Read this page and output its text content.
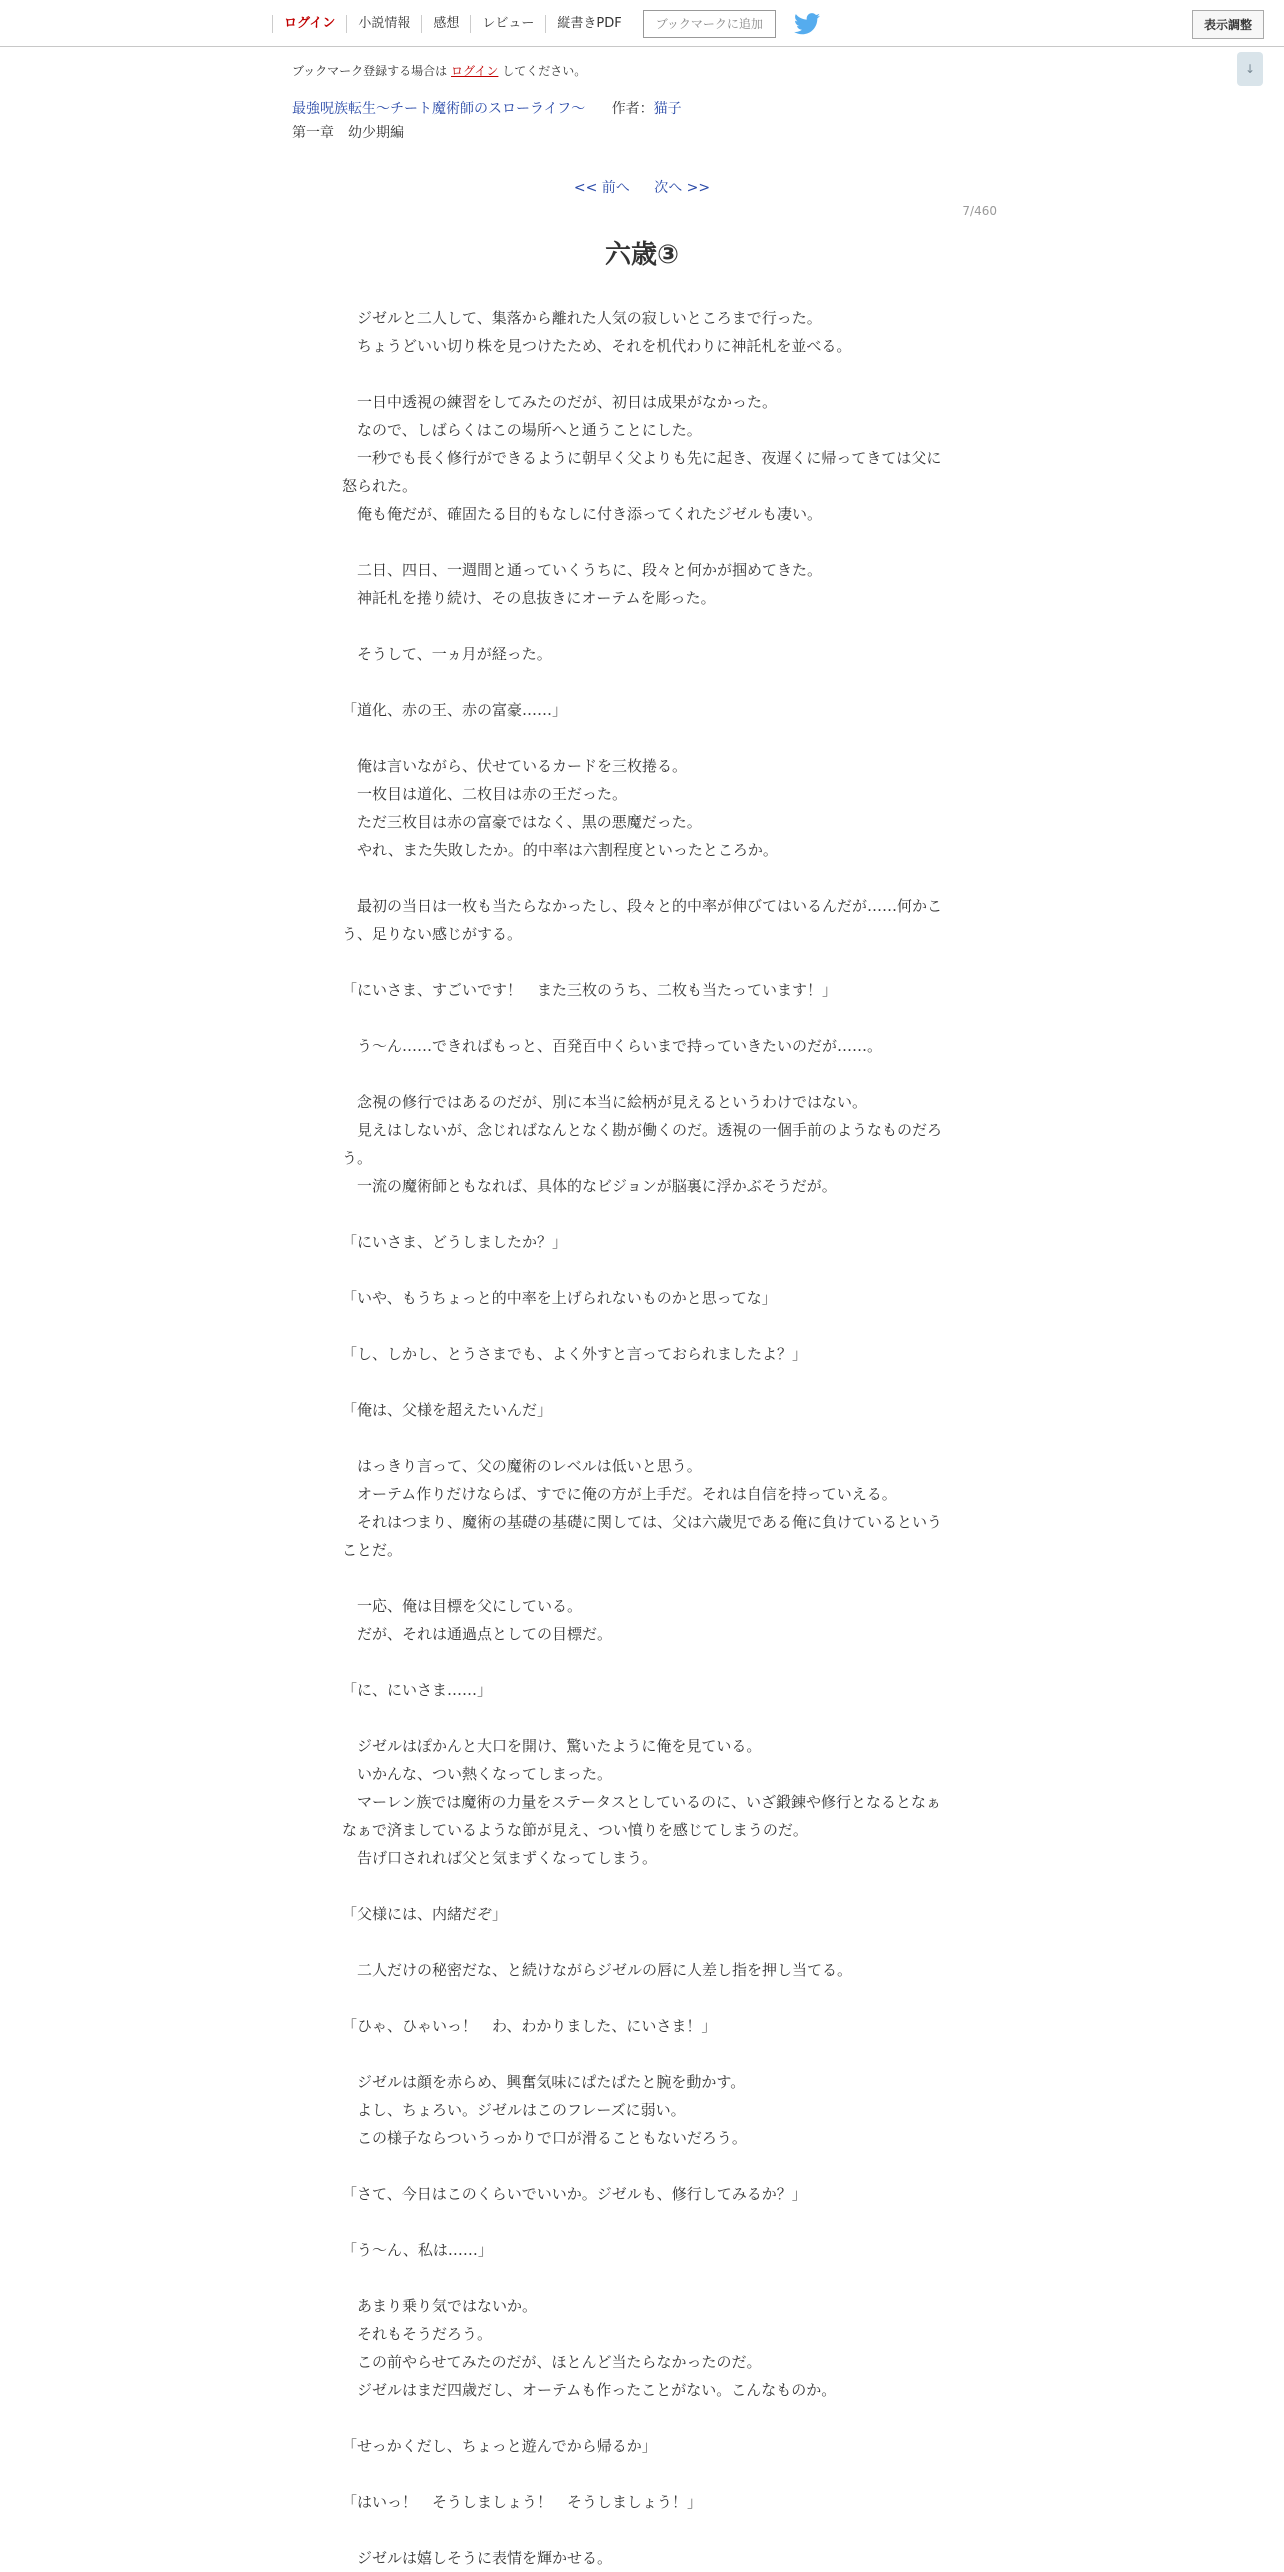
ログイン	小説情報	感想	レビュー	縦書きPDF	ブックマークに追加	表示調整
↓
ブックマーク登録する場合は ログイン してください。
最強呪族転生～チート魔術師のスローライフ～ 作者：猫子
第一章　幼少期編
<< 前へ 次へ >>
7/460
六歳③
　ジゼルと二人して、集落から離れた人気の寂しいところまで行った。
　ちょうどいい切り株を見つけたため、それを机代わりに神託札を並べる。
　一日中透視の練習をしてみたのだが、初日は成果がなかった。
　なので、しばらくはこの場所へと通うことにした。
　一秒でも長く修行ができるように朝早く父よりも先に起き、夜遅くに帰ってきては父に怒られた。
　俺も俺だが、確固たる目的もなしに付き添ってくれたジゼルも凄い。
　二日、四日、一週間と通っていくうちに、段々と何かが掴めてきた。
　神託札を捲り続け、その息抜きにオーテムを彫った。
　そうして、一ヵ月が経った。
「道化、赤の王、赤の富豪……」
　俺は言いながら、伏せているカードを三枚捲る。
　一枚目は道化、二枚目は赤の王だった。
　ただ三枚目は赤の富豪ではなく、黒の悪魔だった。
　やれ、また失敗したか。的中率は六割程度といったところか。
　最初の当日は一枚も当たらなかったし、段々と的中率が伸びてはいるんだが……何かこう、足りない感じがする。
「にいさま、すごいです！　また三枚のうち、二枚も当たっています！」
　う～ん……できればもっと、百発百中くらいまで持っていきたいのだが……。
　念視の修行ではあるのだが、別に本当に絵柄が見えるというわけではない。
　見えはしないが、念じればなんとなく勘が働くのだ。透視の一個手前のようなものだろう。
　一流の魔術師ともなれば、具体的なビジョンが脳裏に浮かぶそうだが。
「にいさま、どうしましたか？」
「いや、もうちょっと的中率を上げられないものかと思ってな」
「し、しかし、とうさまでも、よく外すと言っておられましたよ？」
「俺は、父様を超えたいんだ」
　はっきり言って、父の魔術のレベルは低いと思う。
　オーテム作りだけならば、すでに俺の方が上手だ。それは自信を持っていえる。
　それはつまり、魔術の基礎の基礎に関しては、父は六歳児である俺に負けているということだ。
　一応、俺は目標を父にしている。
　だが、それは通過点としての目標だ。
「に、にいさま……」
　ジゼルはぽかんと大口を開け、驚いたように俺を見ている。
　いかんな、つい熱くなってしまった。
　マーレン族では魔術の力量をステータスとしているのに、いざ鍛錬や修行となるとなぁなぁで済ましているような節が見え、つい憤りを感じてしまうのだ。
　告げ口されれば父と気まずくなってしまう。
「父様には、内緒だぞ」
　二人だけの秘密だな、と続けながらジゼルの唇に人差し指を押し当てる。
「ひゃ、ひゃいっ！　わ、わかりました、にいさま！」
　ジゼルは顔を赤らめ、興奮気味にぱたぱたと腕を動かす。
　よし、ちょろい。ジゼルはこのフレーズに弱い。
　この様子ならついうっかりで口が滑ることもないだろう。
「さて、今日はこのくらいでいいか。ジゼルも、修行してみるか？」
「う～ん、私は……」
　あまり乗り気ではないか。
　それもそうだろう。
　この前やらせてみたのだが、ほとんど当たらなかったのだ。
　ジゼルはまだ四歳だし、オーテムも作ったことがない。こんなものか。
「せっかくだし、ちょっと遊んでから帰るか」
「はいっ！　そうしましょう！　そうしましょう！」
　ジゼルは嬉しそうに表情を輝かせる。
